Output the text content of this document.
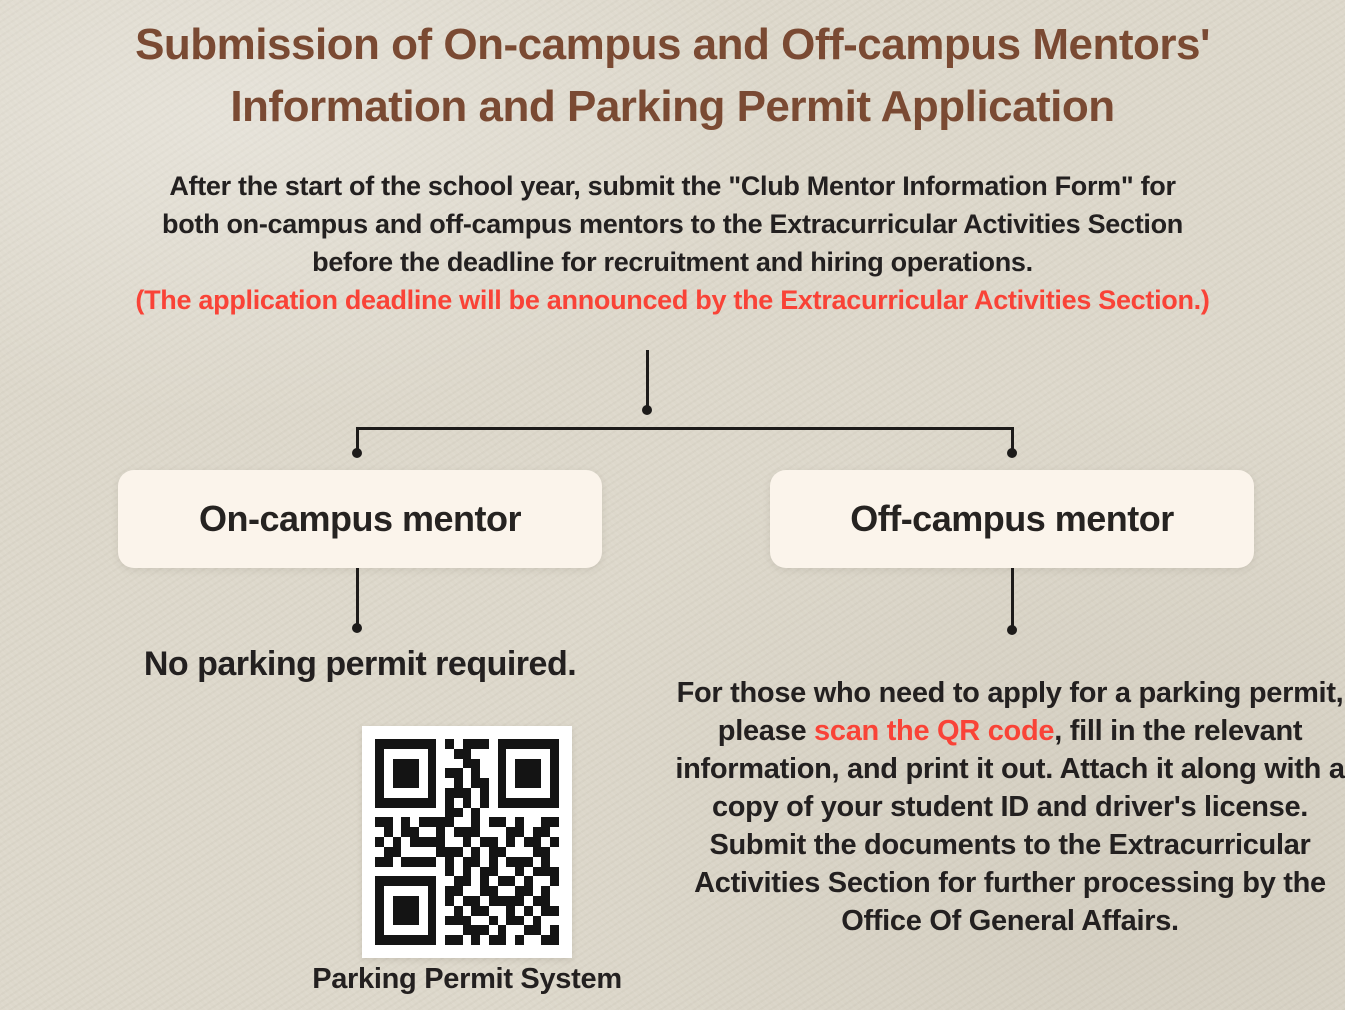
Submission of On-campus and Off-campus Mentors'
Information and Parking Permit Application
After the start of the school year, submit the "Club Mentor Information Form" for
both on-campus and off-campus mentors to the Extracurricular Activities Section
before the deadline for recruitment and hiring operations.
(The application deadline will be announced by the Extracurricular Activities Section.)
On-campus mentor	Off-campus mentor
No parking permit required.
Parking Permit System

For those who need to apply for a parking permit, please scan the QR code, fill in the relevant information, and print it out. Attach it along with a copy of your student ID and driver's license. Submit the documents to the Extracurricular Activities Section for further processing by the Office Of General Affairs.
